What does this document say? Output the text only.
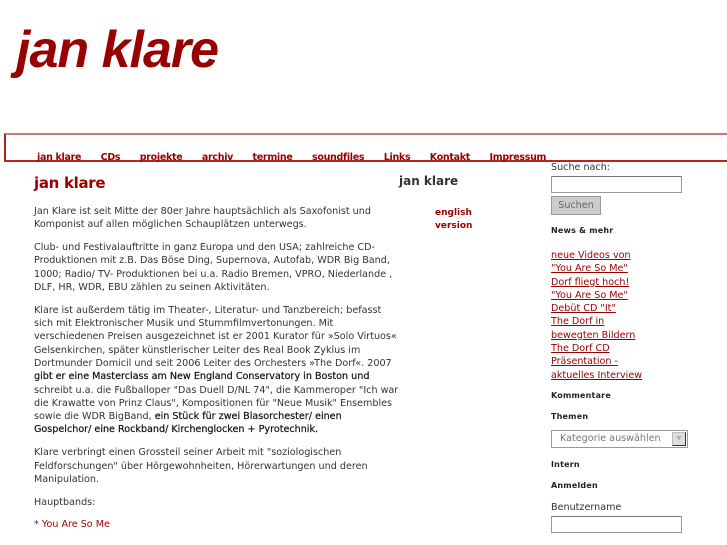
jan klare
jan klare CDs projekte archiv termine soundfiles Links Kontakt Impressum
jan klare

Jan Klare ist seit Mitte der 80er Jahre hauptsächlich als Saxofonist und Komponist auf allen möglichen Schauplätzen unterwegs.

Club- und Festivalauftritte in ganz Europa und den USA; zahlreiche CD-Produktionen mit z.B. Das Böse Ding, Supernova, Autofab, WDR Big Band, 1000; Radio/ TV- Produktionen bei u.a. Radio Bremen, VPRO, Niederlande , DLF, HR, WDR, EBU zählen zu seinen Aktivitäten.

Klare ist außerdem tätig im Theater-, Literatur- und Tanzbereich; befasst sich mit Elektronischer Musik und Stummfilmvertonungen. Mit verschiedenen Preisen ausgezeichnet ist er 2001 Kurator für »Solo Virtuos« Gelsenkirchen, später künstlerischer Leiter des Real Book Zyklus im Dortmunder Domicil und seit 2006 Leiter des Orchesters »The Dorf«. 2007 gibt er eine Masterclass am New England Conservatory in Boston und schreibt u.a. die Fußballoper "Das Duell D/NL 74", die Kammeroper "Ich war die Krawatte von Prinz Claus", Kompositionen für "Neue Musik" Ensembles sowie die WDR BigBand, ein Stück für zwei Blasorchester/ einen Gospelchor/ eine Rockband/ Kirchenglocken + Pyrotechnik.

Klare verbringt einen Grossteil seiner Arbeit mit "soziologischen Feldforschungen" über Hörgewohnheiten, Hörerwartungen und deren Manipulation.

Hauptbands:

* You Are So Me

jan klare
english
version
Suche nach:
Suchen
News & mehr
neue Videos von "You Are So Me"
Dorf fliegt hoch!
"You Are So Me" Debüt CD "It"
The Dorf in bewegten Bildern
The Dorf CD Präsentation - aktuelles Interview
Kommentare
Themen
Kategorie auswählen	▼
Intern
Anmelden
Benutzername
